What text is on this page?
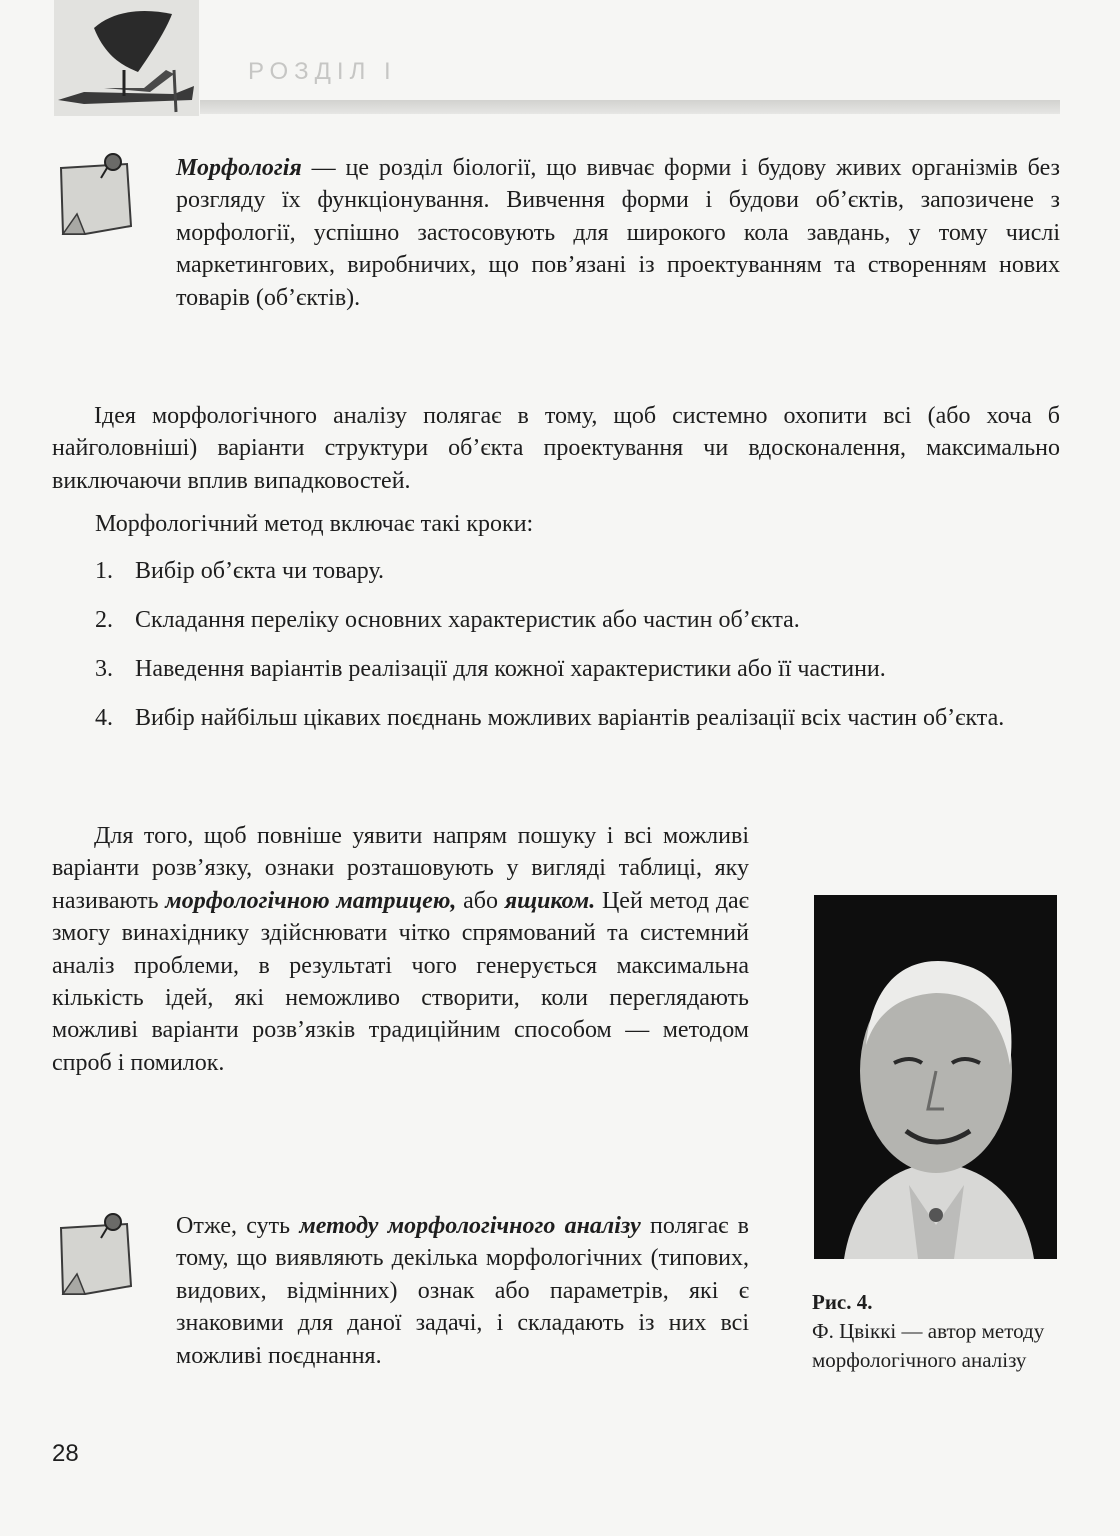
РОЗДІЛ І

Морфологія — це розділ біології, що вивчає форми і будову живих організмів без розгляду їх функціонування. Вивчення форми і будови об’єктів, запозичене з морфології, успішно застосовують для широкого кола завдань, у тому числі маркетингових, виробничих, що пов’язані із проектуванням та створенням нових товарів (об’єктів).

Ідея морфологічного аналізу полягає в тому, щоб системно охопити всі (або хоча б найголовніші) варіанти структури об’єкта проектування чи вдосконалення, максимально виключаючи вплив випадковостей.

Морфологічний метод включає такі кроки:

1. Вибір об’єкта чи товару.
2. Складання переліку основних характеристик або частин об’єкта.
3. Наведення варіантів реалізації для кожної характеристики або її частини.
4. Вибір найбільш цікавих поєднань можливих варіантів реалізації всіх частин об’єкта.

Для того, щоб повніше уявити напрям пошуку і всі можливі варіанти розв’язку, ознаки розташовують у вигляді таблиці, яку називають морфологічною матрицею, або ящиком. Цей метод дає змогу винахіднику здійснювати чітко спрямований та системний аналіз проблеми, в результаті чого генерується максимальна кількість ідей, які неможливо створити, коли переглядають можливі варіанти розв’язків традиційним способом — методом спроб і помилок.

Отже, суть методу морфологічного аналізу полягає в тому, що виявляють декілька морфологічних (типових, видових, відмінних) ознак або параметрів, які є знаковими для даної задачі, і складають із них всі можливі поєднання.

Рис. 4.
Ф. Цвіккі — автор методу морфологічного аналізу
28
